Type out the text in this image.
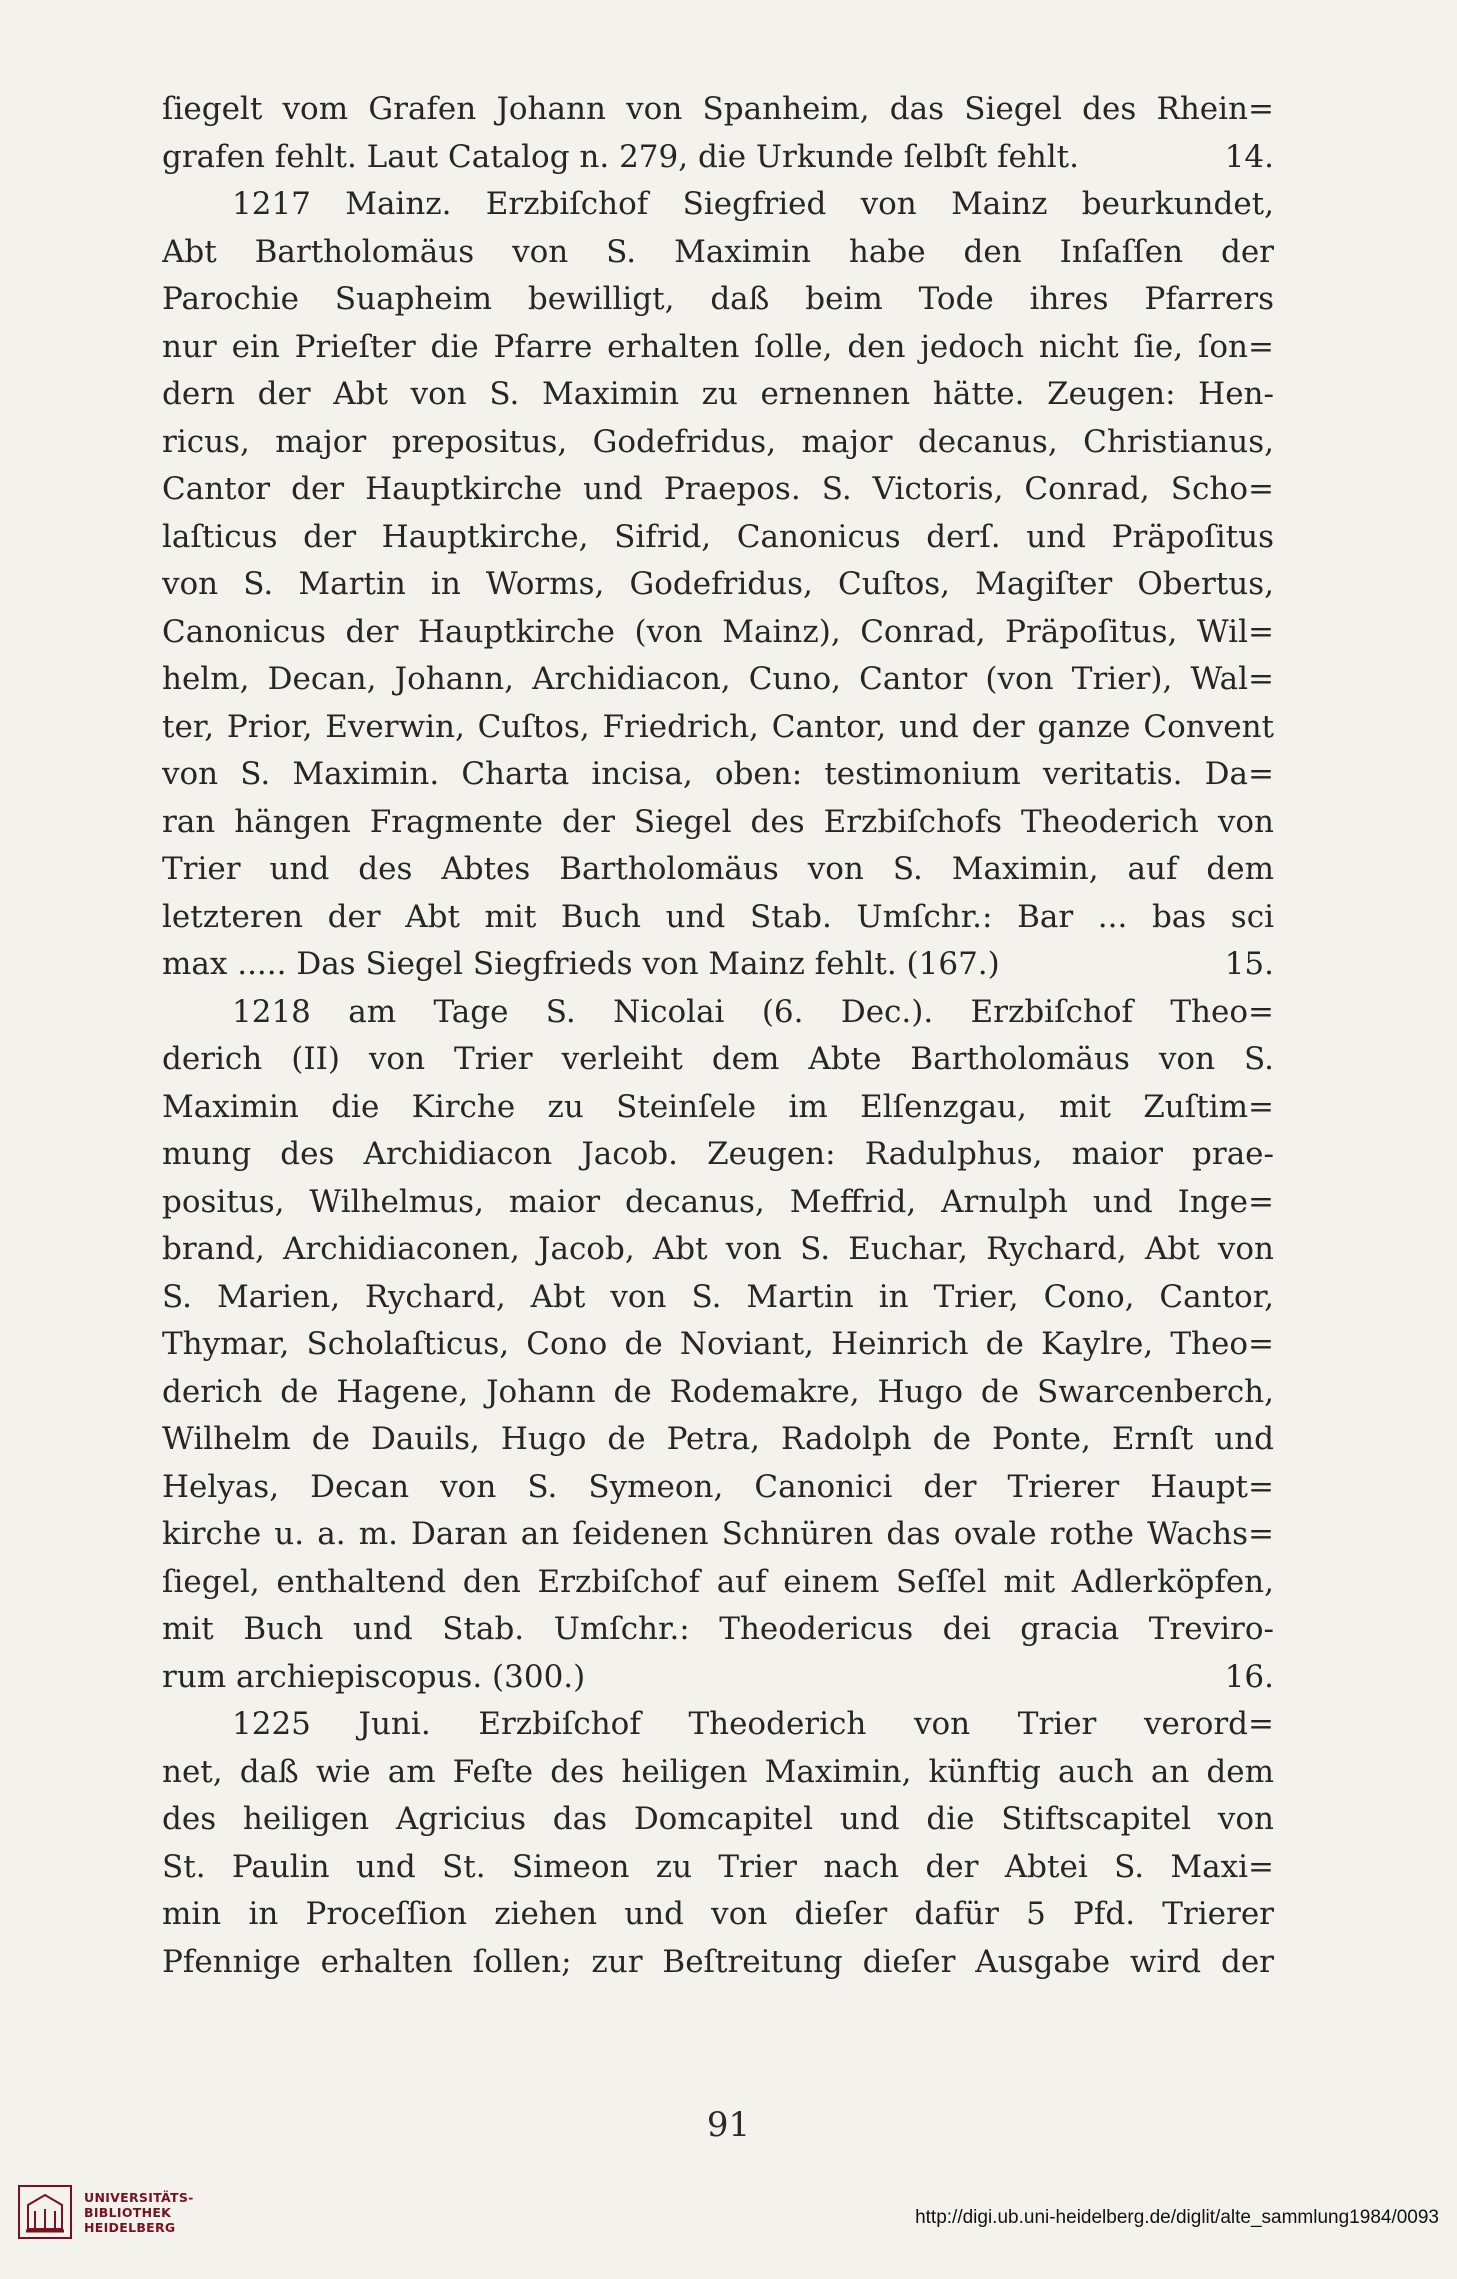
ſiegelt vom Grafen Johann von Spanheim, das Siegel des Rhein=
grafen fehlt. Laut Catalog n. 279, die Urkunde ſelbſt fehlt.	14.
1217 Mainz. Erzbiſchof Siegfried von Mainz beurkundet,
Abt Bartholomäus von S. Maximin habe den Inſaſſen der
Parochie Suapheim bewilligt, daß beim Tode ihres Pfarrers
nur ein Prieſter die Pfarre erhalten ſolle, den jedoch nicht ſie, ſon=
dern der Abt von S. Maximin zu ernennen hätte. Zeugen: Hen-
ricus, major prepositus, Godefridus, major decanus, Christianus,
Cantor der Hauptkirche und Praepos. S. Victoris, Conrad, Scho=
laſticus der Hauptkirche, Sifrid, Canonicus derſ. und Präpoſitus
von S. Martin in Worms, Godefridus, Cuſtos, Magiſter Obertus,
Canonicus der Hauptkirche (von Mainz), Conrad, Präpoſitus, Wil=
helm, Decan, Johann, Archidiacon, Cuno, Cantor (von Trier), Wal=
ter, Prior, Everwin, Cuſtos, Friedrich, Cantor, und der ganze Convent
von S. Maximin. Charta incisa, oben: testimonium veritatis. Da=
ran hängen Fragmente der Siegel des Erzbiſchofs Theoderich von
Trier und des Abtes Bartholomäus von S. Maximin, auf dem
letzteren der Abt mit Buch und Stab. Umſchr.: Bar ... bas sci
max ..... Das Siegel Siegfrieds von Mainz fehlt. (167.)	15.
1218 am Tage S. Nicolai (6. Dec.). Erzbiſchof Theo=
derich (II) von Trier verleiht dem Abte Bartholomäus von S.
Maximin die Kirche zu Steinſele im Elſenzgau, mit Zuſtim=
mung des Archidiacon Jacob. Zeugen: Radulphus, maior prae-
positus, Wilhelmus, maior decanus, Meffrid, Arnulph und Inge=
brand, Archidiaconen, Jacob, Abt von S. Euchar, Rychard, Abt von
S. Marien, Rychard, Abt von S. Martin in Trier, Cono, Cantor,
Thymar, Scholaſticus, Cono de Noviant, Heinrich de Kaylre, Theo=
derich de Hagene, Johann de Rodemakre, Hugo de Swarcenberch,
Wilhelm de Dauils, Hugo de Petra, Radolph de Ponte, Ernſt und
Helyas, Decan von S. Symeon, Canonici der Trierer Haupt=
kirche u. a. m. Daran an ſeidenen Schnüren das ovale rothe Wachs=
ſiegel, enthaltend den Erzbiſchof auf einem Seſſel mit Adlerköpfen,
mit Buch und Stab. Umſchr.: Theodericus dei gracia Treviro-
rum archiepiscopus. (300.)	16.
1225 Juni. Erzbiſchof Theoderich von Trier verord=
net, daß wie am Feſte des heiligen Maximin, künftig auch an dem
des heiligen Agricius das Domcapitel und die Stiftscapitel von
St. Paulin und St. Simeon zu Trier nach der Abtei S. Maxi=
min in Proceſſion ziehen und von dieſer dafür 5 Pfd. Trierer
Pfennige erhalten ſollen; zur Beſtreitung dieſer Ausgabe wird der
91
UNIVERSITÄTS-
BIBLIOTHEK
HEIDELBERG	http://digi.ub.uni-heidelberg.de/diglit/alte_sammlung1984/0093
